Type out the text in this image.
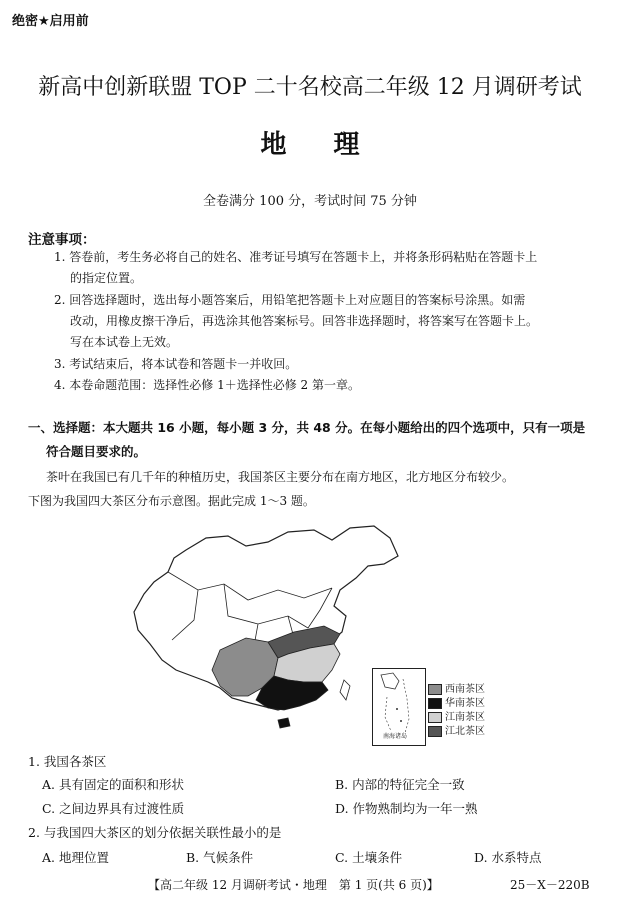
绝密★启用前
新高中创新联盟 TOP 二十名校高二年级 12 月调研考试
地 理
全卷满分 100 分，考试时间 75 分钟
注意事项：
1. 答卷前，考生务必将自己的姓名、准考证号填写在答题卡上，并将条形码粘贴在答题卡上
的指定位置。
2. 回答选择题时，选出每小题答案后，用铅笔把答题卡上对应题目的答案标号涂黑。如需
改动，用橡皮擦干净后，再选涂其他答案标号。回答非选择题时，将答案写在答题卡上。
写在本试卷上无效。
3. 考试结束后，将本试卷和答题卡一并收回。
4. 本卷命题范围：选择性必修 1＋选择性必修 2 第一章。
一、选择题：本大题共 16 小题，每小题 3 分，共 48 分。在每小题给出的四个选项中，只有一项是
符合题目要求的。
茶叶在我国已有几千年的种植历史，我国茶区主要分布在南方地区，北方地区分布较少。
下图为我国四大茶区分布示意图。据此完成 1～3 题。
南海诸岛
西南茶区
华南茶区
江南茶区
江北茶区
1. 我国各茶区
A. 具有固定的面积和形状	B. 内部的特征完全一致
C. 之间边界具有过渡性质	D. 作物熟制均为一年一熟
2. 与我国四大茶区的划分依据关联性最小的是
A. 地理位置	B. 气候条件	C. 土壤条件	D. 水系特点
【高二年级 12 月调研考试・地理　第 1 页(共 6 页)】	25－X－220B
